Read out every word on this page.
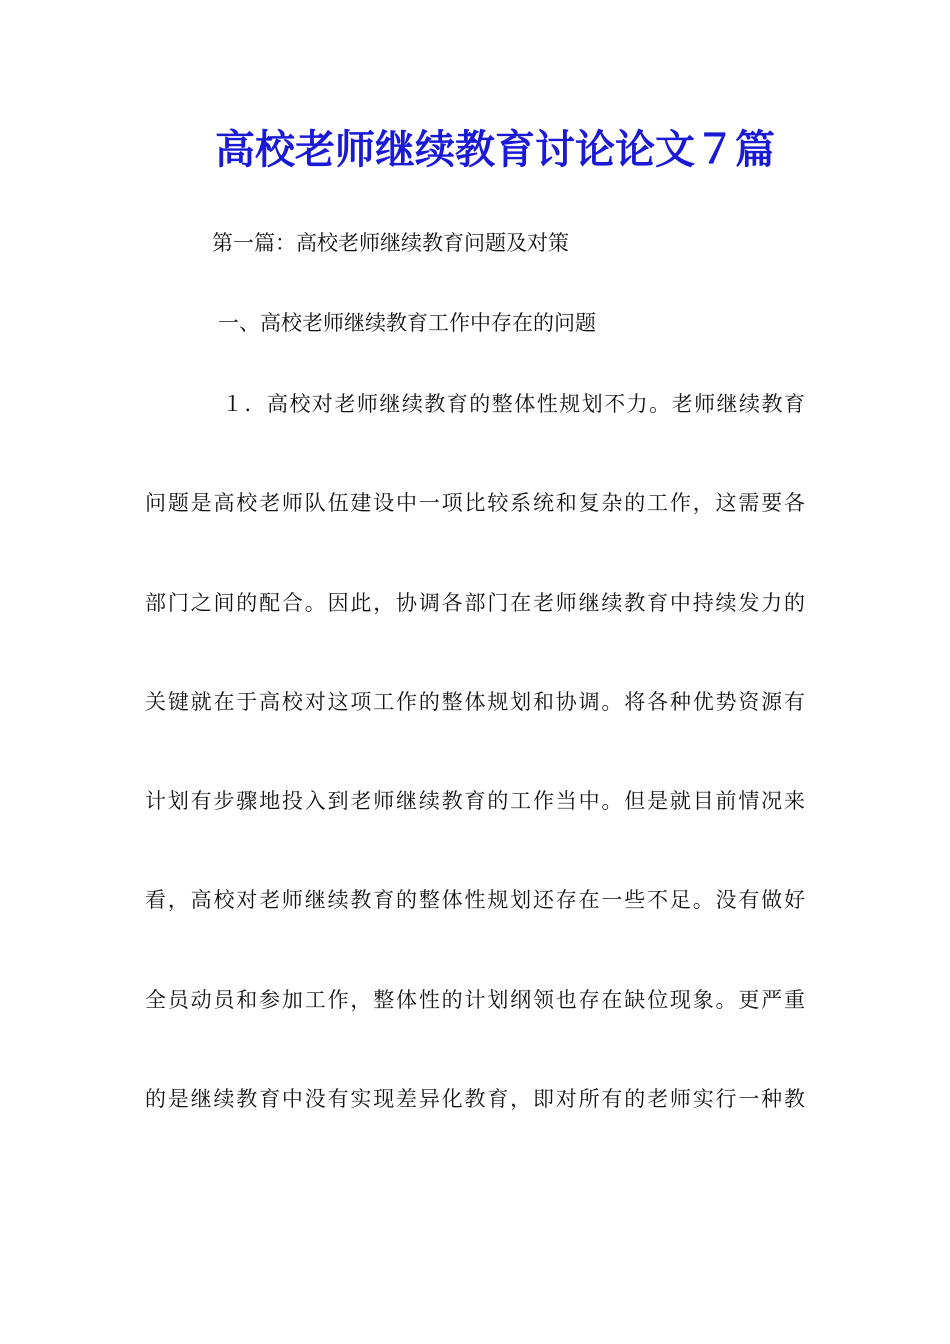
高校老师继续教育讨论论文７篇
第一篇：高校老师继续教育问题及对策
一、高校老师继续教育工作中存在的问题
１．高校对老师继续教育的整体性规划不力。老师继续教育
问题是高校老师队伍建设中一项比较系统和复杂的工作，这需要各
部门之间的配合。因此，协调各部门在老师继续教育中持续发力的
关键就在于高校对这项工作的整体规划和协调。将各种优势资源有
计划有步骤地投入到老师继续教育的工作当中。但是就目前情况来
看，高校对老师继续教育的整体性规划还存在一些不足。没有做好
全员动员和参加工作，整体性的计划纲领也存在缺位现象。更严重
的是继续教育中没有实现差异化教育，即对所有的老师实行一种教
